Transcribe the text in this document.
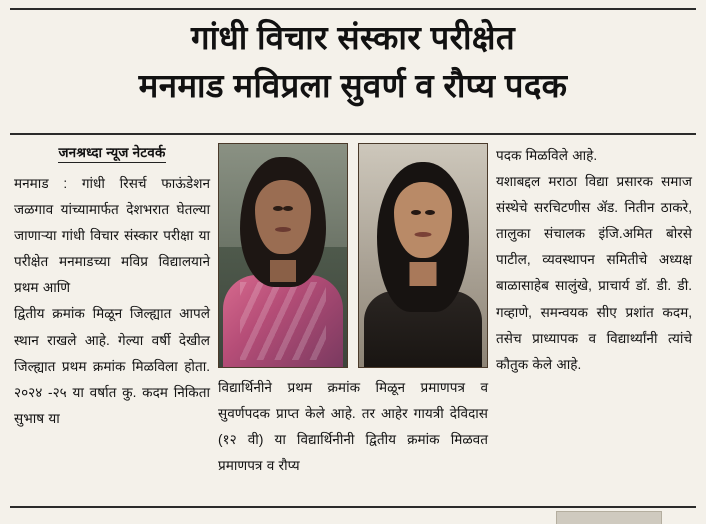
गांधी विचार संस्कार परीक्षेत
मनमाड मविप्रला सुवर्ण व रौप्य पदक
जनश्रध्दा न्यूज नेटवर्क

मनमाड : गांधी रिसर्च फाऊंडेशन जळगाव यांच्यामार्फत देशभरात घेतल्या जाणाऱ्या गांधी विचार संस्कार परीक्षा या परीक्षेत मनमाडच्या मविप्र विद्यालयाने प्रथम आणि

द्वितीय क्रमांक मिळून जिल्ह्यात आपले स्थान राखले आहे. गेल्या वर्षी देखील जिल्ह्यात प्रथम क्रमांक मिळविला होता. २०२४ -२५ या वर्षात कु. कदम निकिता सुभाष या

विद्यार्थिनीने प्रथम क्रमांक मिळून प्रमाणपत्र व सुवर्णपदक प्राप्त केले आहे. तर आहेर गायत्री देविदास (१२ वी) या विद्यार्थिनीनी द्वितीय क्रमांक मिळवत प्रमाणपत्र व रौप्य

पदक मिळविले आहे.

यशाबद्दल मराठा विद्या प्रसारक समाज संस्थेचे सरचिटणीस ॲड. नितीन ठाकरे, तालुका संचालक इंजि.अमित बोरसे पाटील, व्यवस्थापन समितीचे अध्यक्ष बाळासाहेब सालुंखे, प्राचार्य डॉ. डी. डी. गव्हाणे, समन्वयक सीए प्रशांत कदम, तसेच प्राध्यापक व विद्यार्थ्यांनी त्यांचे कौतुक केले आहे.
